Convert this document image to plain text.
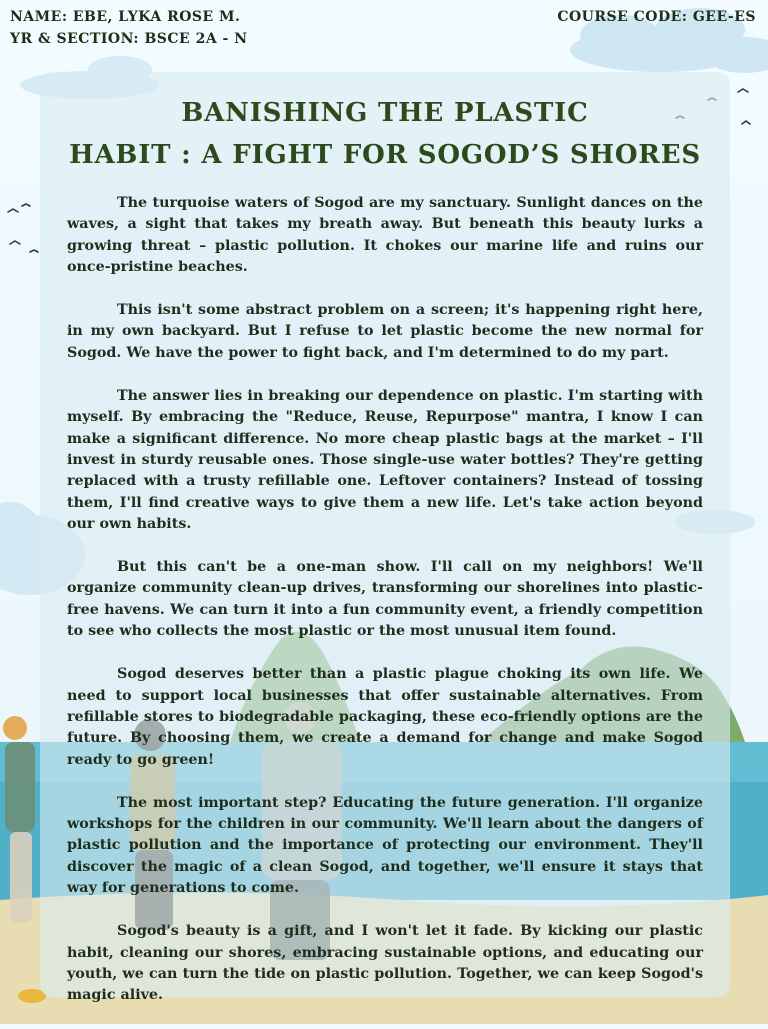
NAME: EBE, LYKA ROSE M.
YR & SECTION: BSCE 2A - N
COURSE CODE: GEE-ES
BANISHING THE PLASTIC
HABIT : A FIGHT FOR SOGOD’S SHORES

The turquoise waters of Sogod are my sanctuary. Sunlight dances on the waves, a sight that takes my breath away. But beneath this beauty lurks a growing threat – plastic pollution. It chokes our marine life and ruins our once-pristine beaches.

This isn't some abstract problem on a screen; it's happening right here, in my own backyard. But I refuse to let plastic become the new normal for Sogod. We have the power to fight back, and I'm determined to do my part.

The answer lies in breaking our dependence on plastic. I'm starting with myself. By embracing the "Reduce, Reuse, Repurpose" mantra, I know I can make a significant difference. No more cheap plastic bags at the market – I'll invest in sturdy reusable ones. Those single-use water bottles? They're getting replaced with a trusty refillable one. Leftover containers? Instead of tossing them, I'll find creative ways to give them a new life. Let's take action beyond our own habits.

But this can't be a one-man show. I'll call on my neighbors! We'll organize community clean-up drives, transforming our shorelines into plastic-free havens. We can turn it into a fun community event, a friendly competition to see who collects the most plastic or the most unusual item found.

Sogod deserves better than a plastic plague choking its own life. We need to support local businesses that offer sustainable alternatives. From refillable stores to biodegradable packaging, these eco-friendly options are the future. By choosing them, we create a demand for change and make Sogod ready to go green!

The most important step? Educating the future generation. I'll organize workshops for the children in our community. We'll learn about the dangers of plastic pollution and the importance of protecting our environment. They'll discover the magic of a clean Sogod, and together, we'll ensure it stays that way for generations to come.

Sogod's beauty is a gift, and I won't let it fade. By kicking our plastic habit, cleaning our shores, embracing sustainable options, and educating our youth, we can turn the tide on plastic pollution. Together, we can keep Sogod's magic alive.
